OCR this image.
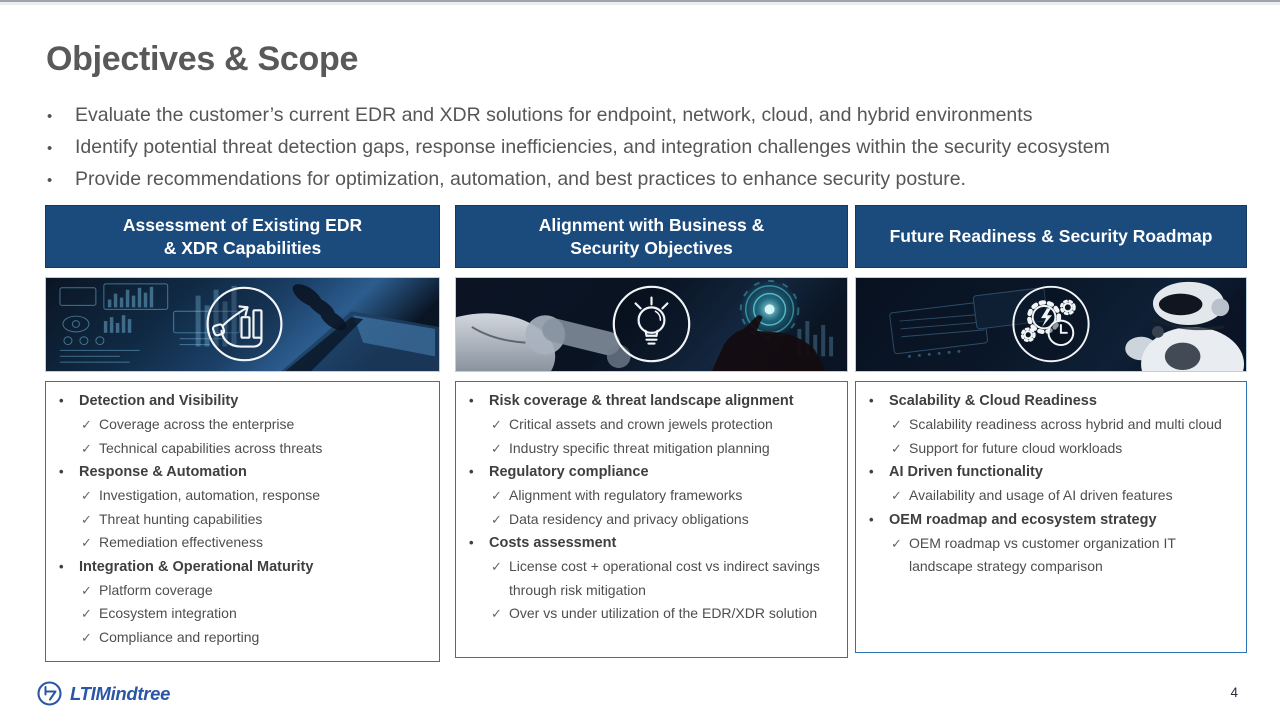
Objectives & Scope
•	Evaluate the customer’s current EDR and XDR solutions for endpoint, network, cloud, and hybrid environments
•	Identify potential threat detection gaps, response inefficiencies, and integration challenges within the security ecosystem
•	Provide recommendations for optimization, automation, and best practices to enhance security posture.
Assessment of Existing EDR
& XDR Capabilities
•	Detection and Visibility
✓ Coverage across the enterprise
✓ Technical capabilities across threats
•	Response & Automation
✓ Investigation, automation, response
✓ Threat hunting capabilities
✓ Remediation effectiveness
•	Integration & Operational Maturity
✓ Platform coverage
✓ Ecosystem integration
✓ Compliance and reporting
Alignment with Business &
Security Objectives
•	Risk coverage & threat landscape alignment
✓ Critical assets and crown jewels protection
✓ Industry specific threat mitigation planning
•	Regulatory compliance
✓ Alignment with regulatory frameworks
✓ Data residency and privacy obligations
•	Costs assessment
✓ License cost + operational cost vs indirect savings through risk mitigation
✓ Over vs under utilization of the EDR/XDR solution
Future Readiness & Security Roadmap
•	Scalability & Cloud Readiness
✓ Scalability readiness across hybrid and multi cloud
✓ Support for future cloud workloads
•	AI Driven functionality
✓ Availability and usage of AI driven features
•	OEM roadmap and ecosystem strategy
✓ OEM roadmap vs customer organization IT landscape strategy comparison
LTIMindtree	4
